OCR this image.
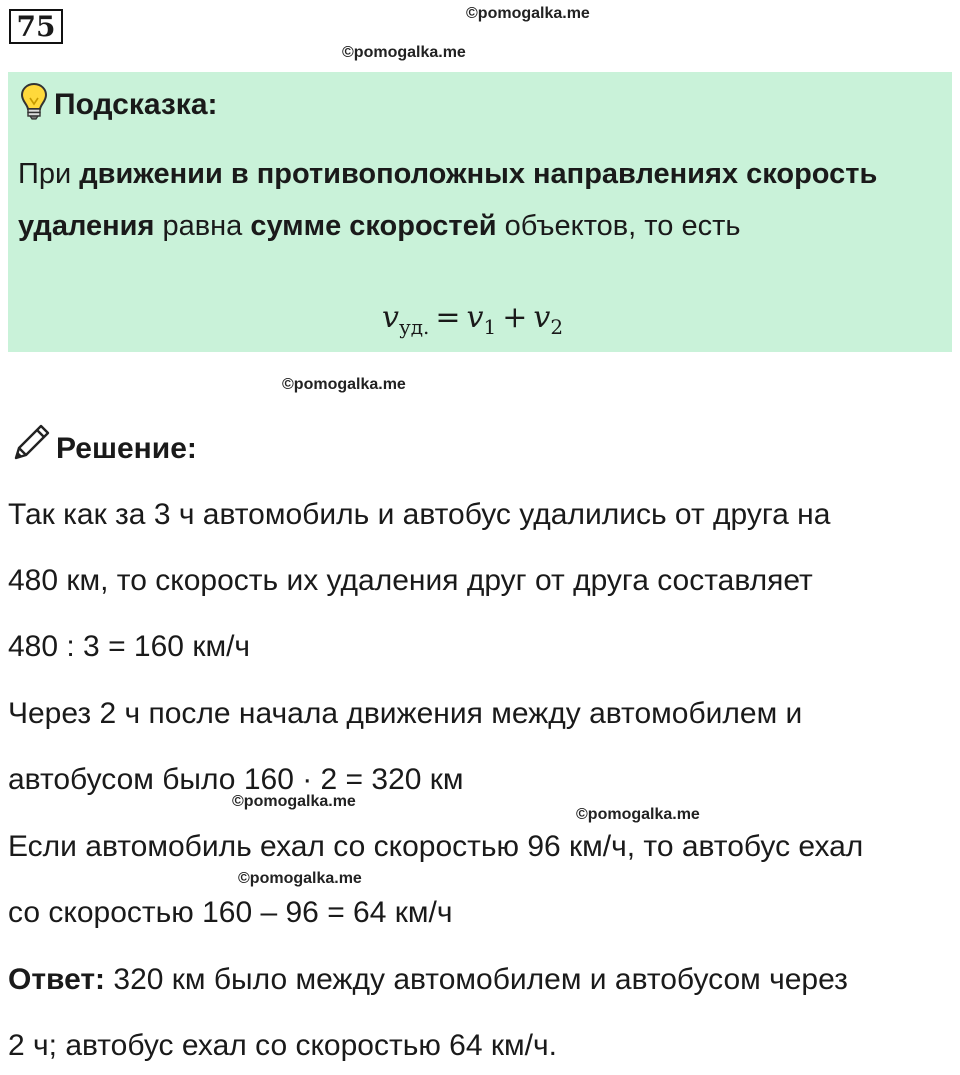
75	©pomogalka.me
©pomogalka.me
Подсказка:
При движении в противоположных направлениях скорость удаления равна сумме скоростей объектов, то есть
$v_{уд.} = v_1 + v_2$
©pomogalka.me
Решение:
Так как за 3 ч автомобиль и автобус удалились от друга на
480 км, то скорость их удаления друг от друга составляет
480 : 3 = 160 км/ч
Через 2 ч после начала движения между автомобилем и
автобусом было 160 · 2 = 320 км
©pomogalka.me
©pomogalka.me
Если автомобиль ехал со скоростью 96 км/ч, то автобус ехал
©pomogalka.me
со скоростью 160 – 96 = 64 км/ч
Ответ: 320 км было между автомобилем и автобусом через
2 ч; автобус ехал со скоростью 64 км/ч.
